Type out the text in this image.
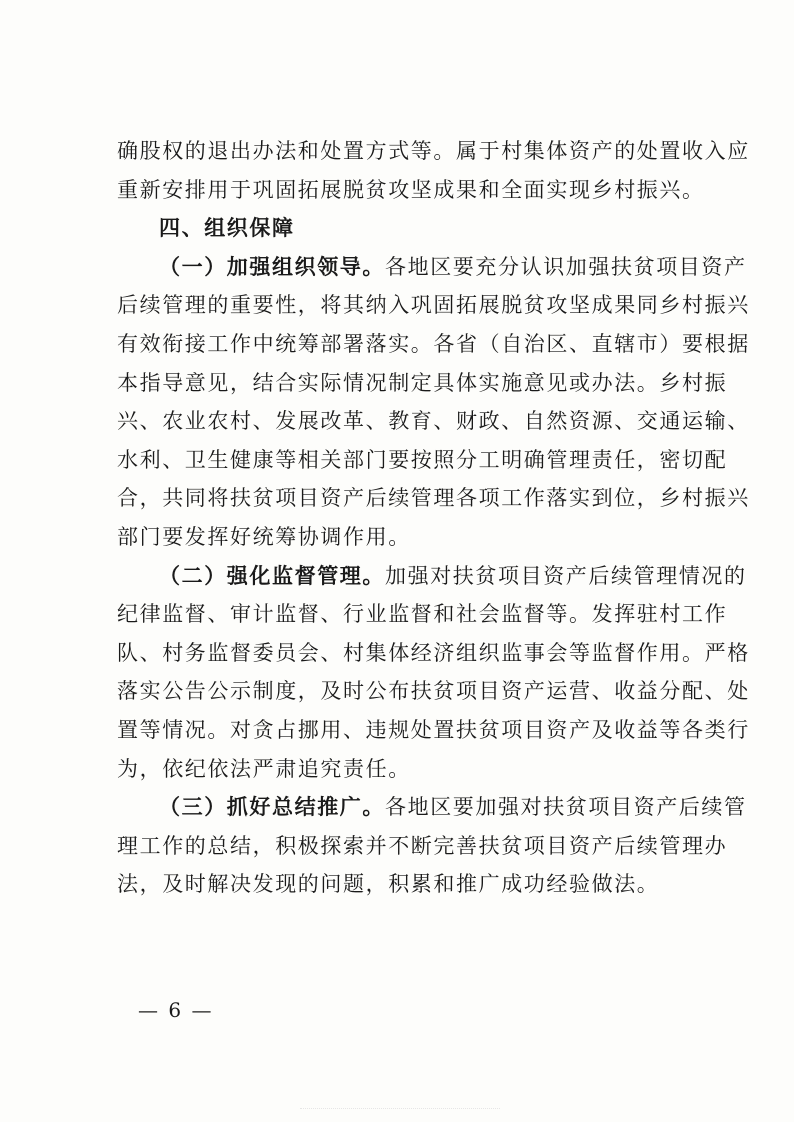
确股权的退出办法和处置方式等。属于村集体资产的处置收入应
重新安排用于巩固拓展脱贫攻坚成果和全面实现乡村振兴。
四、组织保障
（一）加强组织领导。各地区要充分认识加强扶贫项目资产
后续管理的重要性，将其纳入巩固拓展脱贫攻坚成果同乡村振兴
有效衔接工作中统筹部署落实。各省（自治区、直辖市）要根据
本指导意见，结合实际情况制定具体实施意见或办法。乡村振
兴、农业农村、发展改革、教育、财政、自然资源、交通运输、
水利、卫生健康等相关部门要按照分工明确管理责任，密切配
合，共同将扶贫项目资产后续管理各项工作落实到位，乡村振兴
部门要发挥好统筹协调作用。
（二）强化监督管理。加强对扶贫项目资产后续管理情况的
纪律监督、审计监督、行业监督和社会监督等。发挥驻村工作
队、村务监督委员会、村集体经济组织监事会等监督作用。严格
落实公告公示制度，及时公布扶贫项目资产运营、收益分配、处
置等情况。对贪占挪用、违规处置扶贫项目资产及收益等各类行
为，依纪依法严肃追究责任。
（三）抓好总结推广。各地区要加强对扶贫项目资产后续管
理工作的总结，积极探索并不断完善扶贫项目资产后续管理办
法，及时解决发现的问题，积累和推广成功经验做法。
— 6 —
